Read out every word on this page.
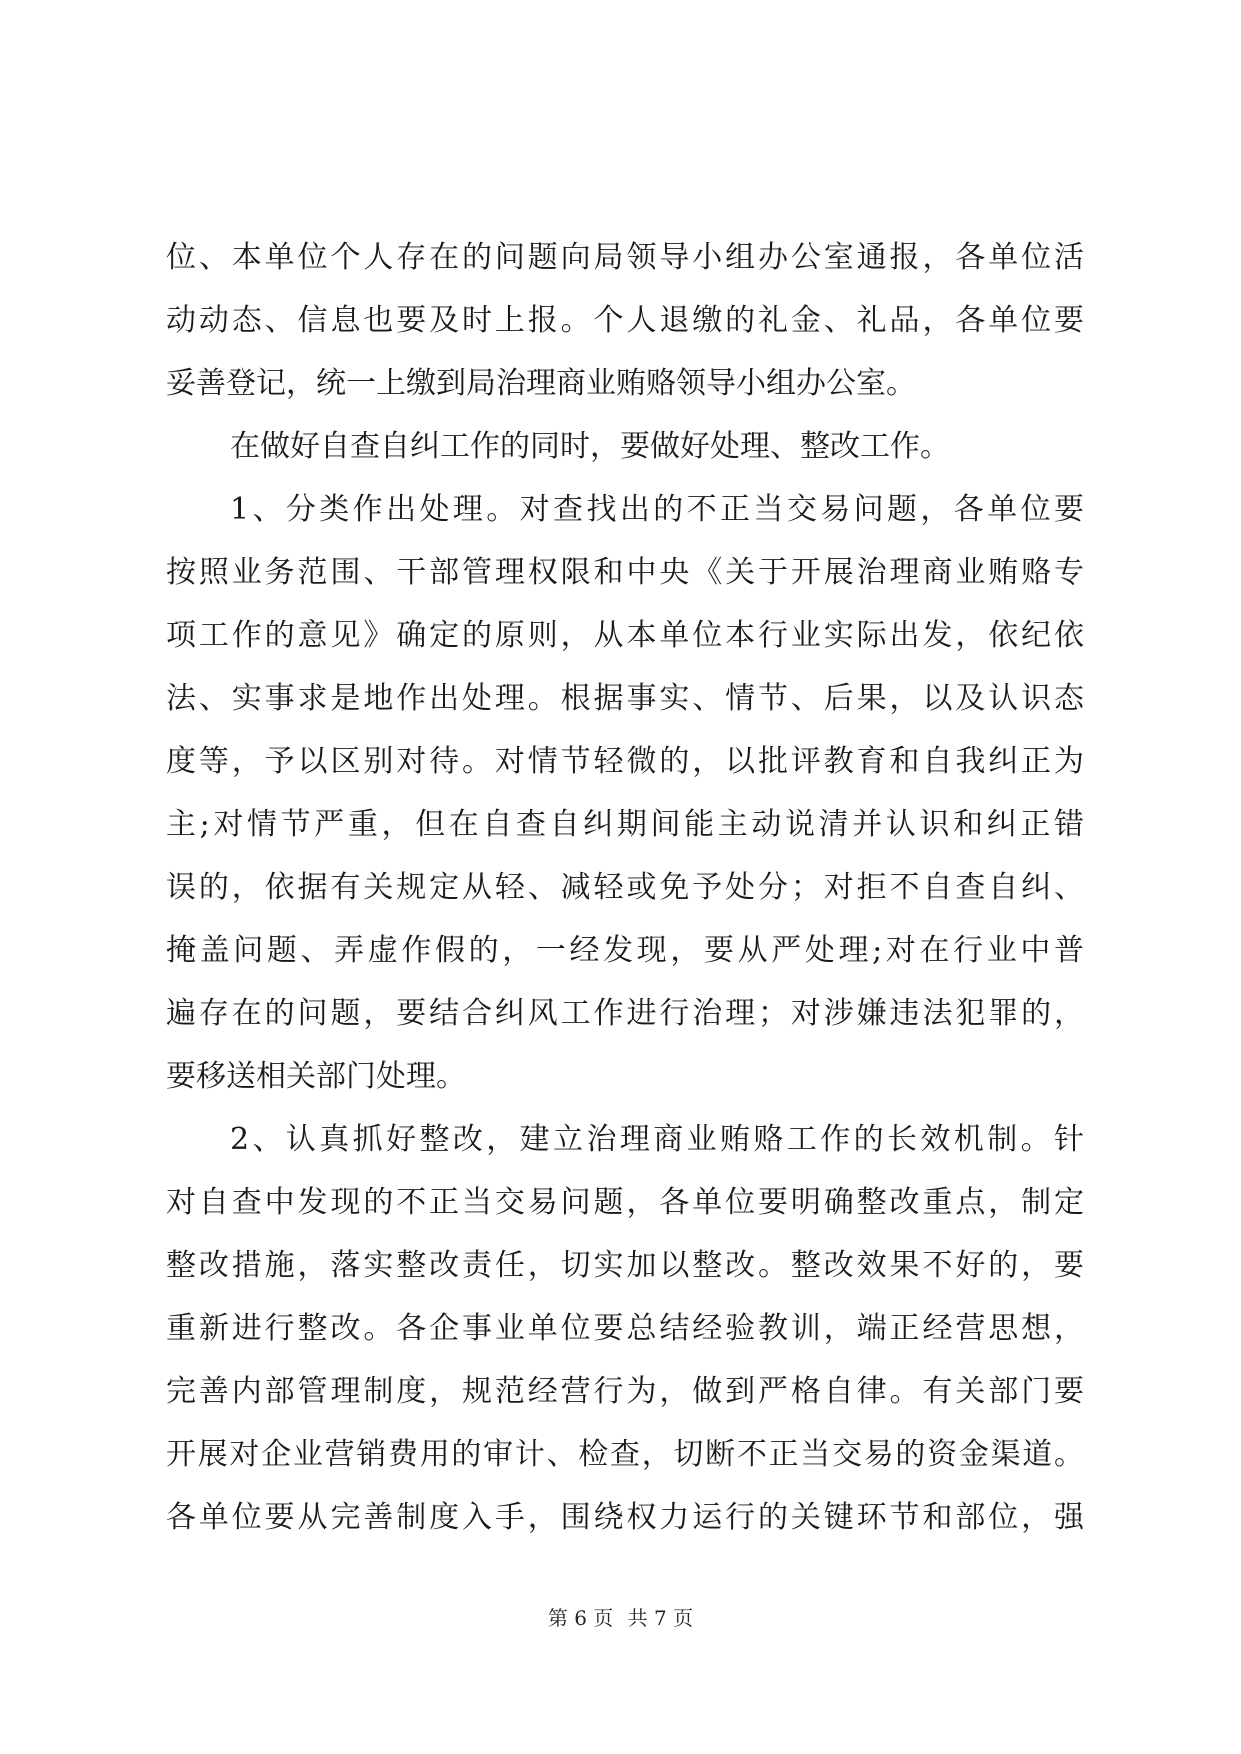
位、本单位个人存在的问题向局领导小组办公室通报，各单位活
动动态、信息也要及时上报。个人退缴的礼金、礼品，各单位要
妥善登记，统一上缴到局治理商业贿赂领导小组办公室。
在做好自查自纠工作的同时，要做好处理、整改工作。
1、分类作出处理。对查找出的不正当交易问题，各单位要
按照业务范围、干部管理权限和中央《关于开展治理商业贿赂专
项工作的意见》确定的原则，从本单位本行业实际出发，依纪依
法、实事求是地作出处理。根据事实、情节、后果，以及认识态
度等，予以区别对待。对情节轻微的，以批评教育和自我纠正为
主;对情节严重，但在自查自纠期间能主动说清并认识和纠正错
误的，依据有关规定从轻、减轻或免予处分；对拒不自查自纠、
掩盖问题、弄虚作假的，一经发现，要从严处理;对在行业中普
遍存在的问题，要结合纠风工作进行治理；对涉嫌违法犯罪的，
要移送相关部门处理。
2、认真抓好整改，建立治理商业贿赂工作的长效机制。针
对自查中发现的不正当交易问题，各单位要明确整改重点，制定
整改措施，落实整改责任，切实加以整改。整改效果不好的，要
重新进行整改。各企事业单位要总结经验教训，端正经营思想，
完善内部管理制度，规范经营行为，做到严格自律。有关部门要
开展对企业营销费用的审计、检查，切断不正当交易的资金渠道。
各单位要从完善制度入手，围绕权力运行的关键环节和部位，强
第 6 页 共 7 页
